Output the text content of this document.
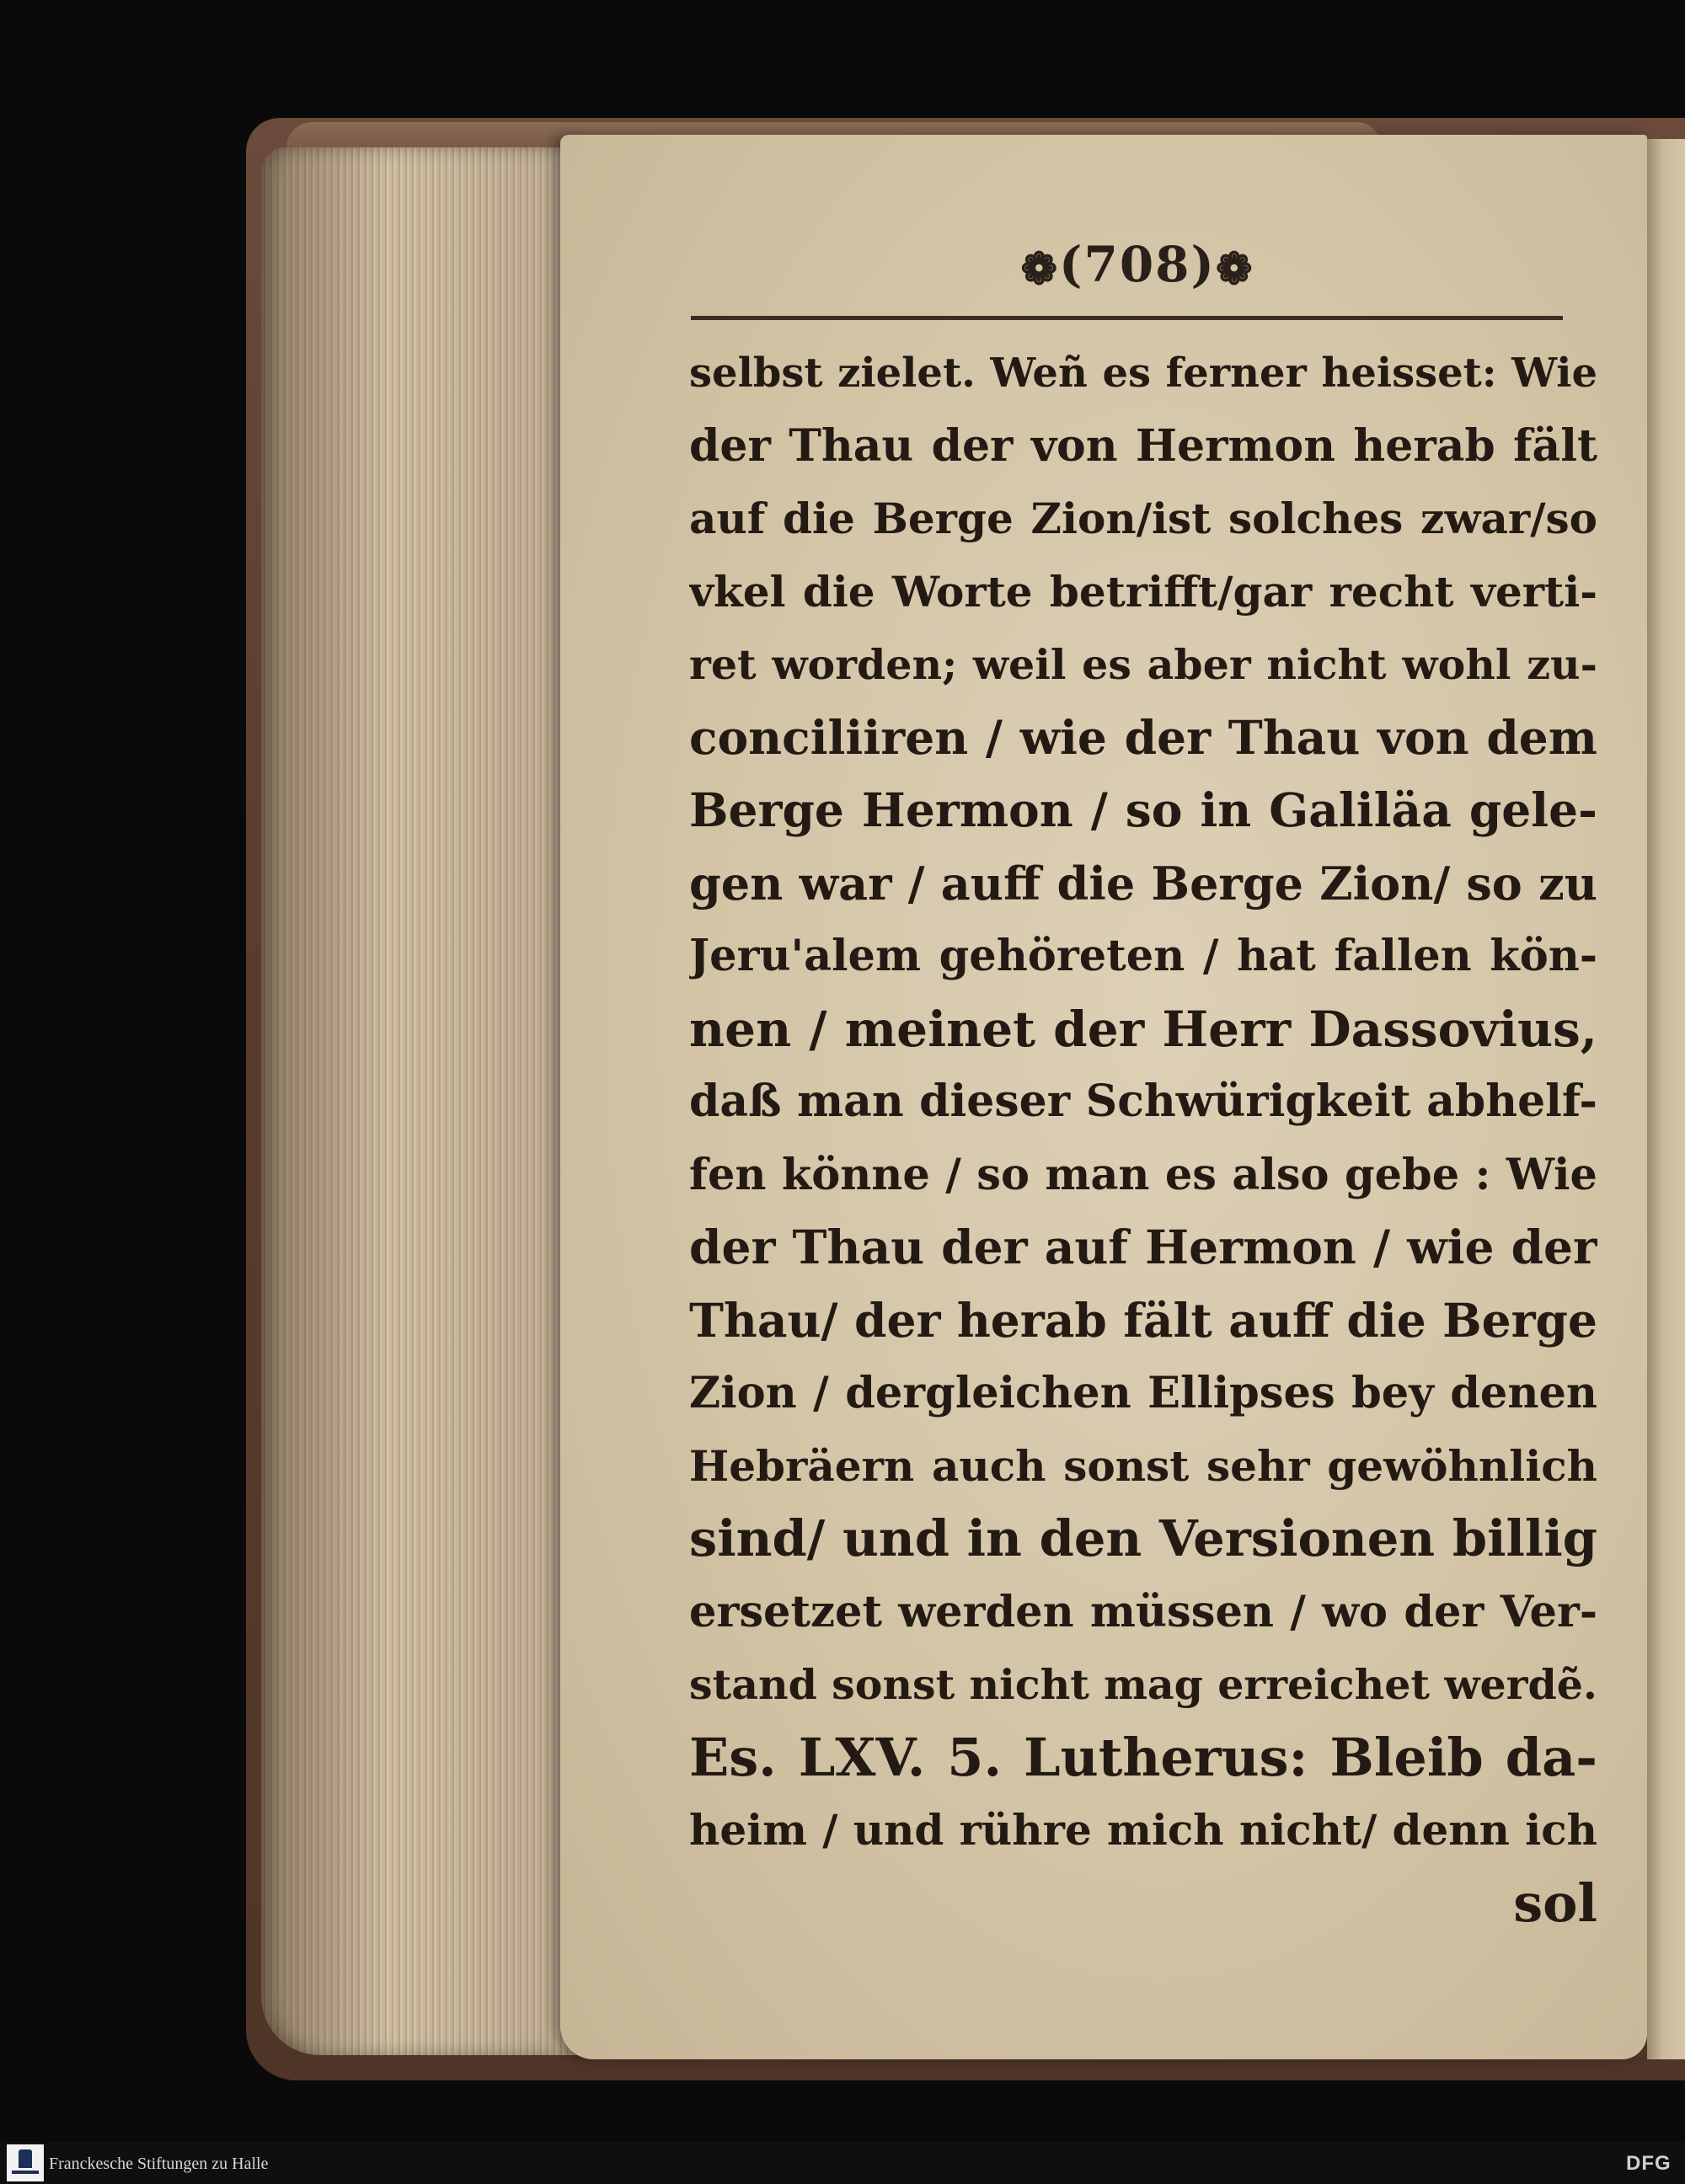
❁(708)❁
selbst zielet. Weñ es ferner heisset: Wie
der Thau der von Hermon herab fält
auf die Berge Zion/ist solches zwar/so
vkel die Worte betrifft/gar recht verti-
ret worden; weil es aber nicht wohl zu-
conciliiren / wie der Thau von dem
Berge Hermon / so in Galiläa gele-
gen war / auff die Berge Zion/ so zu
Jeru'alem gehöreten / hat fallen kön-
nen / meinet der Herr Dassovius,
daß man dieser Schwürigkeit abhelf-
fen könne / so man es also gebe : Wie
der Thau der auf Hermon / wie der
Thau/ der herab fält auff die Berge
Zion / dergleichen Ellipses bey denen
Hebräern auch sonst sehr gewöhnlich
sind/ und in den Versionen billig
ersetzet werden müssen / wo der Ver-
stand sonst nicht mag erreichet werdẽ.
Es. LXV. 5. Lutherus: Bleib da-
heim / und rühre mich nicht/ denn ich
sol
Franckesche Stiftungen zu Halle	DFG
